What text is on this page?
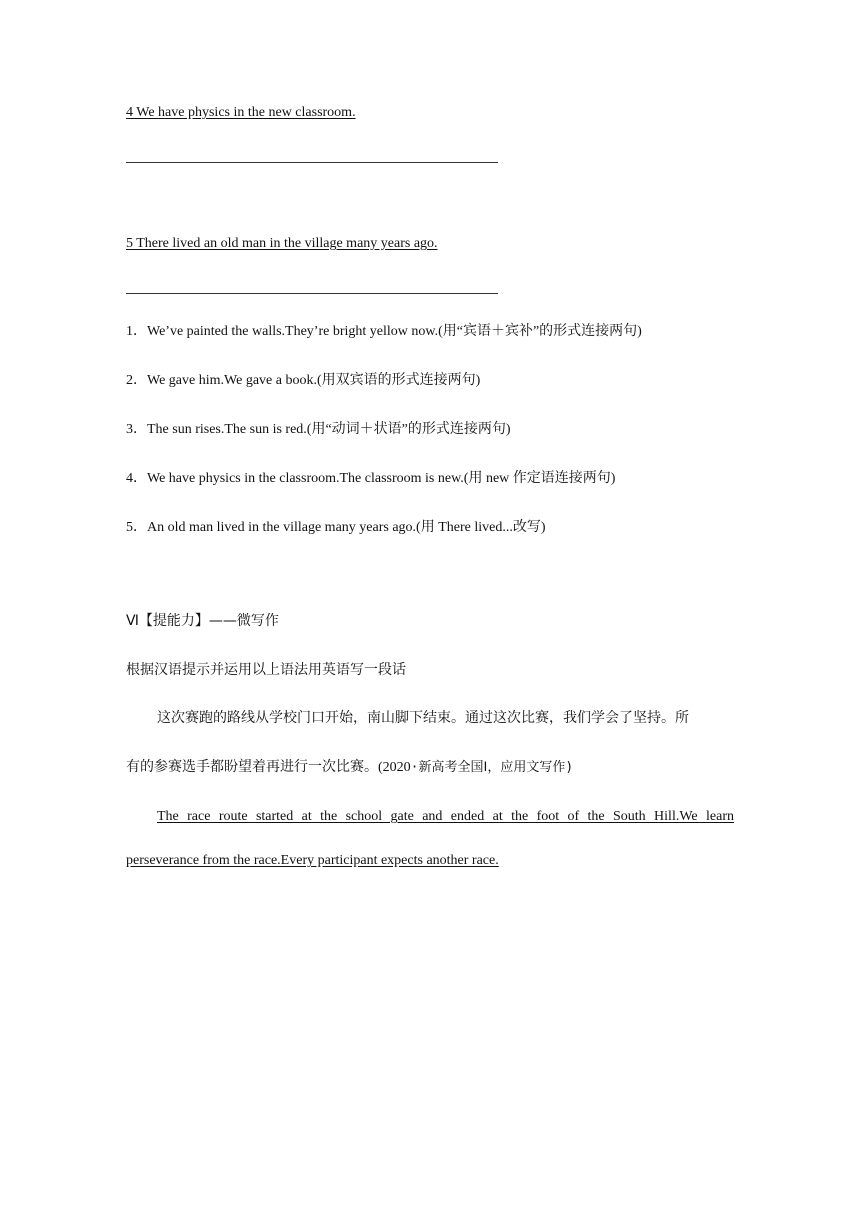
4 We have physics in the new classroom.
5 There lived an old man in the village many years ago.
1．We’ve painted the walls.They’re bright yellow now.(用“宾语＋宾补”的形式连接两句)
2．We gave him.We gave a book.(用双宾语的形式连接两句)
3．The sun rises.The sun is red.(用“动词＋状语”的形式连接两句)
4．We have physics in the classroom.The classroom is new.(用 new 作定语连接两句)
5．An old man lived in the village many years ago.(用 There lived...改写)
Ⅵ【提能力】——微写作
根据汉语提示并运用以上语法用英语写一段话
这次赛跑的路线从学校门口开始，南山脚下结束。通过这次比赛，我们学会了坚持。所
有的参赛选手都盼望着再进行一次比赛。(2020·新高考全国Ⅰ，应用文写作)
The race route started at the school gate and ended at the foot of the South Hill.We learn
perseverance from the race.Every participant expects another race.
